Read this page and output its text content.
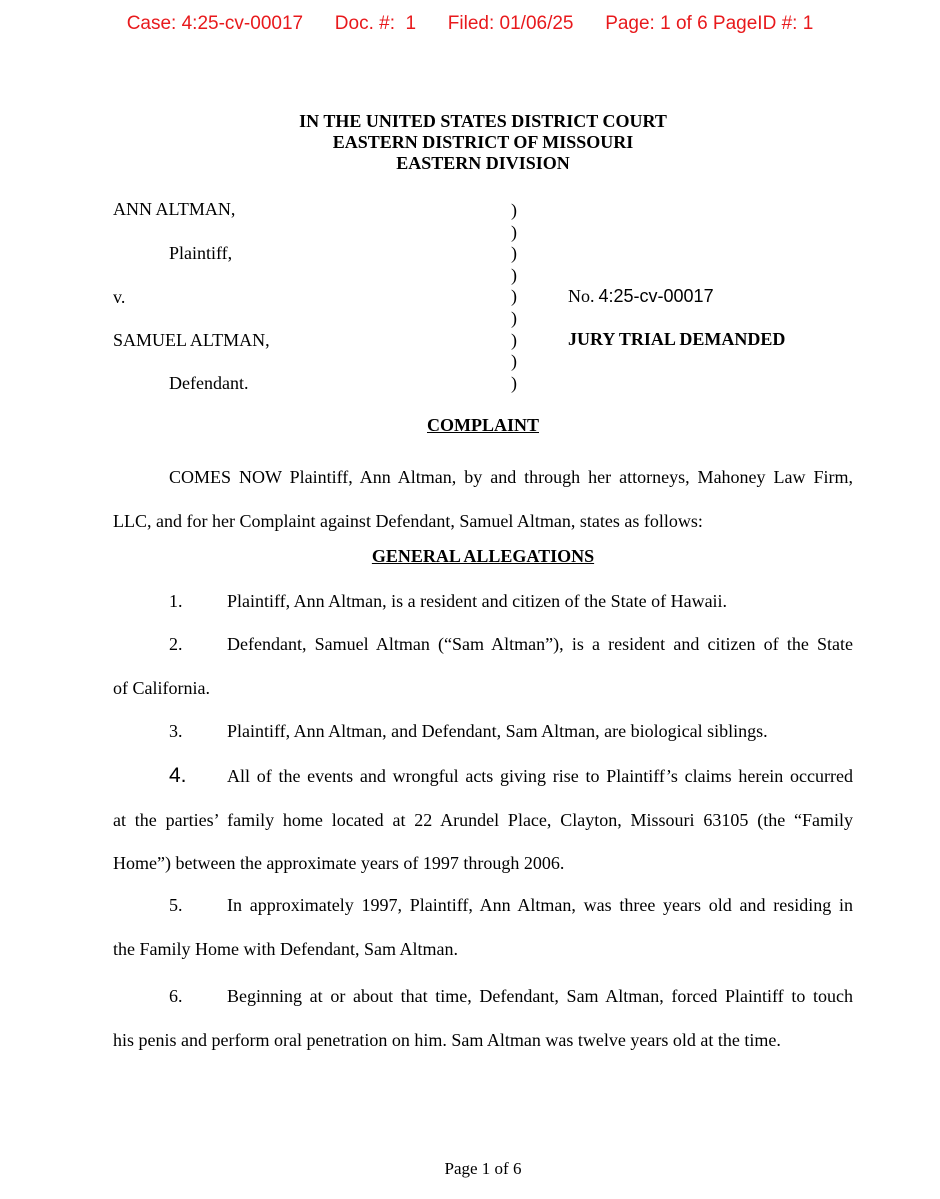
Case: 4:25-cv-00017 Doc. #:  1 Filed: 01/06/25 Page: 1 of 6 PageID #: 1
IN THE UNITED STATES DISTRICT COURT
EASTERN DISTRICT OF MISSOURI
EASTERN DIVISION
ANN ALTMAN,
Plaintiff,
v.
SAMUEL ALTMAN,
Defendant.
)
)
)
)
)
)
)
)
)
No. 4:25-cv-00017
JURY TRIAL DEMANDED
COMPLAINT
COMES NOW Plaintiff, Ann Altman, by and through her attorneys, Mahoney Law Firm,
LLC, and for her Complaint against Defendant, Samuel Altman, states as follows:
GENERAL ALLEGATIONS
1. Plaintiff, Ann Altman, is a resident and citizen of the State of Hawaii.
2. Defendant, Samuel Altman (“Sam Altman”), is a resident and citizen of the State
of California.
3. Plaintiff, Ann Altman, and Defendant, Sam Altman, are biological siblings.
4. All of the events and wrongful acts giving rise to Plaintiff’s claims herein occurred
at the parties’ family home located at 22 Arundel Place, Clayton, Missouri 63105 (the “Family
Home”) between the approximate years of 1997 through 2006.
5. In approximately 1997, Plaintiff, Ann Altman, was three years old and residing in
the Family Home with Defendant, Sam Altman.
6. Beginning at or about that time, Defendant, Sam Altman, forced Plaintiff to touch
his penis and perform oral penetration on him. Sam Altman was twelve years old at the time.
Page 1 of 6
